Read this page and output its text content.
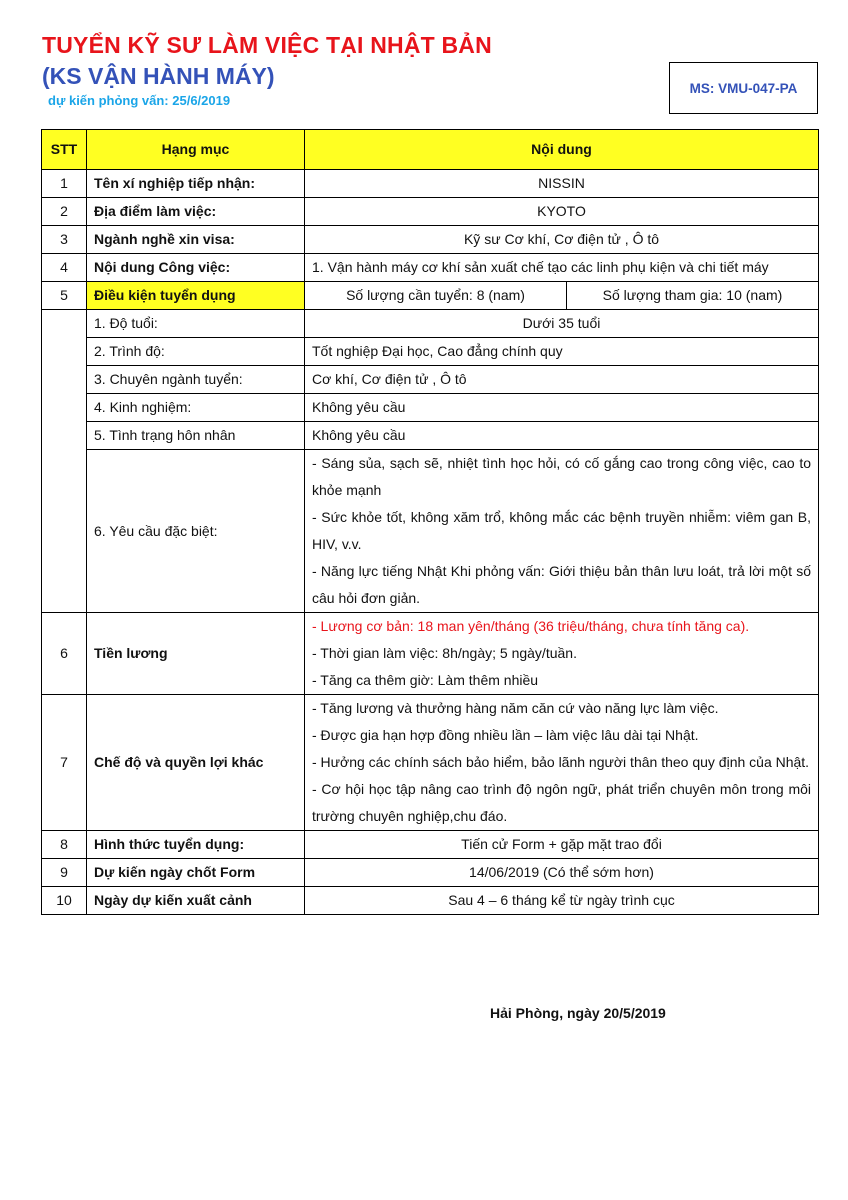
TUYỂN KỸ SƯ LÀM VIỆC TẠI NHẬT BẢN
(KS VẬN HÀNH MÁY)
dự kiến phỏng vấn: 25/6/2019
MS: VMU-047-PA
STT	Hạng mục	Nội dung	
1	Tên xí nghiệp tiếp nhận:	NISSIN	
2	Địa điểm làm việc:	KYOTO	
3	Ngành nghề xin visa:	Kỹ sư Cơ khí, Cơ điện tử , Ô tô	
4	Nội dung Công việc:	1. Vận hành máy cơ khí sản xuất chế tạo các linh phụ kiện và chi tiết máy	
5	Điều kiện tuyển dụng	Số lượng cần tuyển: 8 (nam)	Số lượng tham gia: 10 (nam)
	1. Độ tuổi:	Dưới 35 tuổi	
	2. Trình độ:	Tốt nghiệp Đại học, Cao đẳng chính quy	
	3. Chuyên ngành tuyển:	Cơ khí, Cơ điện tử , Ô tô	
	4. Kinh nghiệm:	Không yêu cầu	
	5. Tình trạng hôn nhân	Không yêu cầu	
	6. Yêu cầu đặc biệt:	- Sáng sủa, sạch sẽ, nhiệt tình học hỏi, có cố gắng cao trong công việc, cao to khỏe mạnh
- Sức khỏe tốt, không xăm trổ, không mắc các bệnh truyền nhiễm: viêm gan B, HIV, v.v.
- Năng lực tiếng Nhật Khi phỏng vấn: Giới thiệu bản thân lưu loát, trả lời một số câu hỏi đơn giản.	

6	Tiền lương	- Lương cơ bản: 18 man yên/tháng (36 triệu/tháng, chưa tính tăng ca).
- Thời gian làm việc: 8h/ngày; 5 ngày/tuần.
- Tăng ca thêm giờ: Làm thêm nhiều	

7	Chế độ và quyền lợi khác	- Tăng lương và thưởng hàng năm căn cứ vào năng lực làm việc.
- Được gia hạn hợp đồng nhiều lần – làm việc lâu dài tại Nhật.
- Hưởng các chính sách bảo hiểm, bảo lãnh người thân theo quy định của Nhật.
- Cơ hội học tập nâng cao trình độ ngôn ngữ, phát triển chuyên môn trong môi trường chuyên nghiệp,chu đáo.	

8	Hình thức tuyển dụng:	Tiến cử Form + gặp mặt trao đổi	
9	Dự kiến ngày chốt Form	14/06/2019 (Có thể sớm hơn)	
10	Ngày dự kiến xuất cảnh	Sau 4 – 6 tháng kể từ ngày trình cục	
Hải Phòng, ngày 20/5/2019
